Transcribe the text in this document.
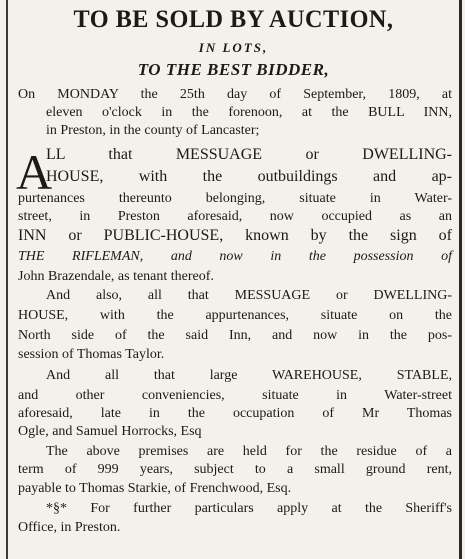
TO BE SOLD BY AUCTION,
IN LOTS,
TO THE BEST BIDDER,
On MONDAY the 25th day of September, 1809, at
eleven o'clock in the forenoon, at the BULL INN,
in Preston, in the county of Lancaster;
A
LL that MESSUAGE or DWELLING-
HOUSE, with the outbuildings and ap-
purtenances thereunto belonging, situate in Water-
street, in Preston aforesaid, now occupied as an
INN or PUBLIC-HOUSE, known by the sign of
THE RIFLEMAN, and now in the possession of
John Brazendale, as tenant thereof.
And also, all that MESSUAGE or DWELLING-
HOUSE, with the appurtenances, situate on the
North side of the said Inn, and now in the pos-
session of Thomas Taylor.
And all that large WAREHOUSE, STABLE,
and other conveniencies, situate in Water-street
aforesaid, late in the occupation of Mr Thomas
Ogle, and Samuel Horrocks, Esq
The above premises are held for the residue of a
term of 999 years, subject to a small ground rent,
payable to Thomas Starkie, of Frenchwood, Esq.
*§* For further particulars apply at the Sheriff's
Office, in Preston.
